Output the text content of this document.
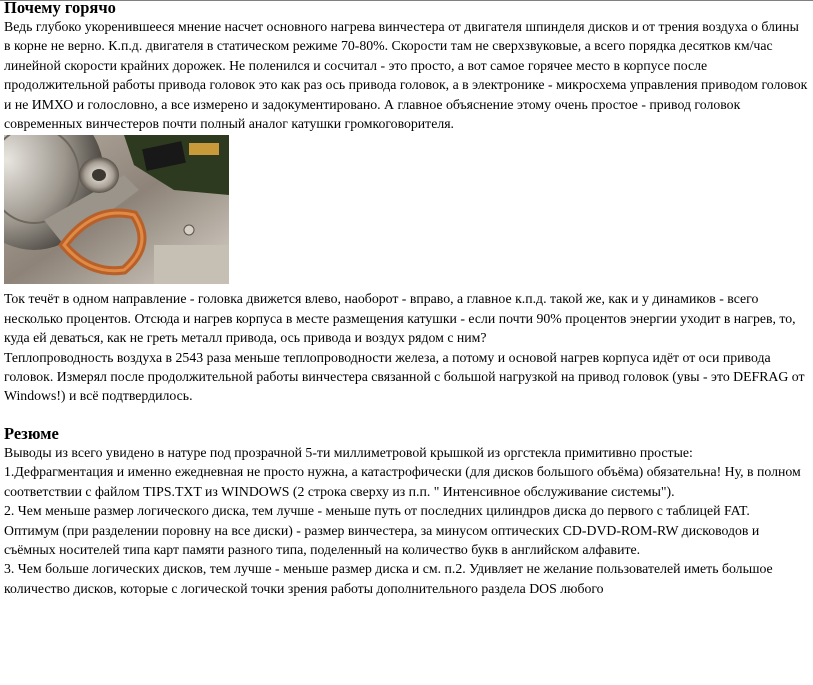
Почему горячо

Ведь глубоко укоренившееся мнение насчет основного нагрева винчестера от двигателя шпинделя дисков и от трения воздуха о блины в корне не верно. К.п.д. двигателя в статическом режиме 70-80%. Скорости там не сверхзвуковые, а всего порядка десятков км/час линейной скорости крайних дорожек. Не поленился и сосчитал - это просто, а вот самое горячее место в корпусе после продолжительной работы привода головок это как раз ось привода головок, а в электронике - микросхема управления приводом головок и не ИМХО и голословно, а все измерено и задокументировано. А главное объяснение этому очень простое - привод головок современных винчестеров почти полный аналог катушки громкоговорителя.

Ток течёт в одном направление - головка движется влево, наоборот - вправо, а главное к.п.д. такой же, как и у динамиков - всего несколько процентов. Отсюда и нагрев корпуса в месте размещения катушки - если почти 90% процентов энергии уходит в нагрев, то, куда ей деваться, как не греть металл привода, ось привода и воздух рядом с ним?

Теплопроводность воздуха в 2543 раза меньше теплопроводности железа, а потому и основой нагрев корпуса идёт от оси привода головок. Измерял после продолжительной работы винчестера связанной с большой нагрузкой на привод головок (увы - это DEFRAG от Windows!) и всё подтвердилось.

Резюме

Выводы из всего увидено в натуре под прозрачной 5-ти миллиметровой крышкой из оргстекла примитивно простые:

1.Дефрагментация и именно ежедневная не просто нужна, а катастрофически (для дисков большого объёма) обязательна! Ну, в полном соответствии с файлом TIPS.TXT из WINDOWS (2 строка сверху из п.п. " Интенсивное обслуживание системы").

2. Чем меньше размер логического диска, тем лучше - меньше путь от последних цилиндров диска до первого с таблицей FAT. Оптимум (при разделении поровну на все диски) - размер винчестера, за минусом оптических CD-DVD-ROM-RW дисководов и съёмных носителей типа карт памяти разного типа, поделенный на количество букв в английском алфавите.

3. Чем больше логических дисков, тем лучше - меньше размер диска и см. п.2. Удивляет не желание пользователей иметь большое количество дисков, которые с логической точки зрения работы дополнительного раздела DOS любого
